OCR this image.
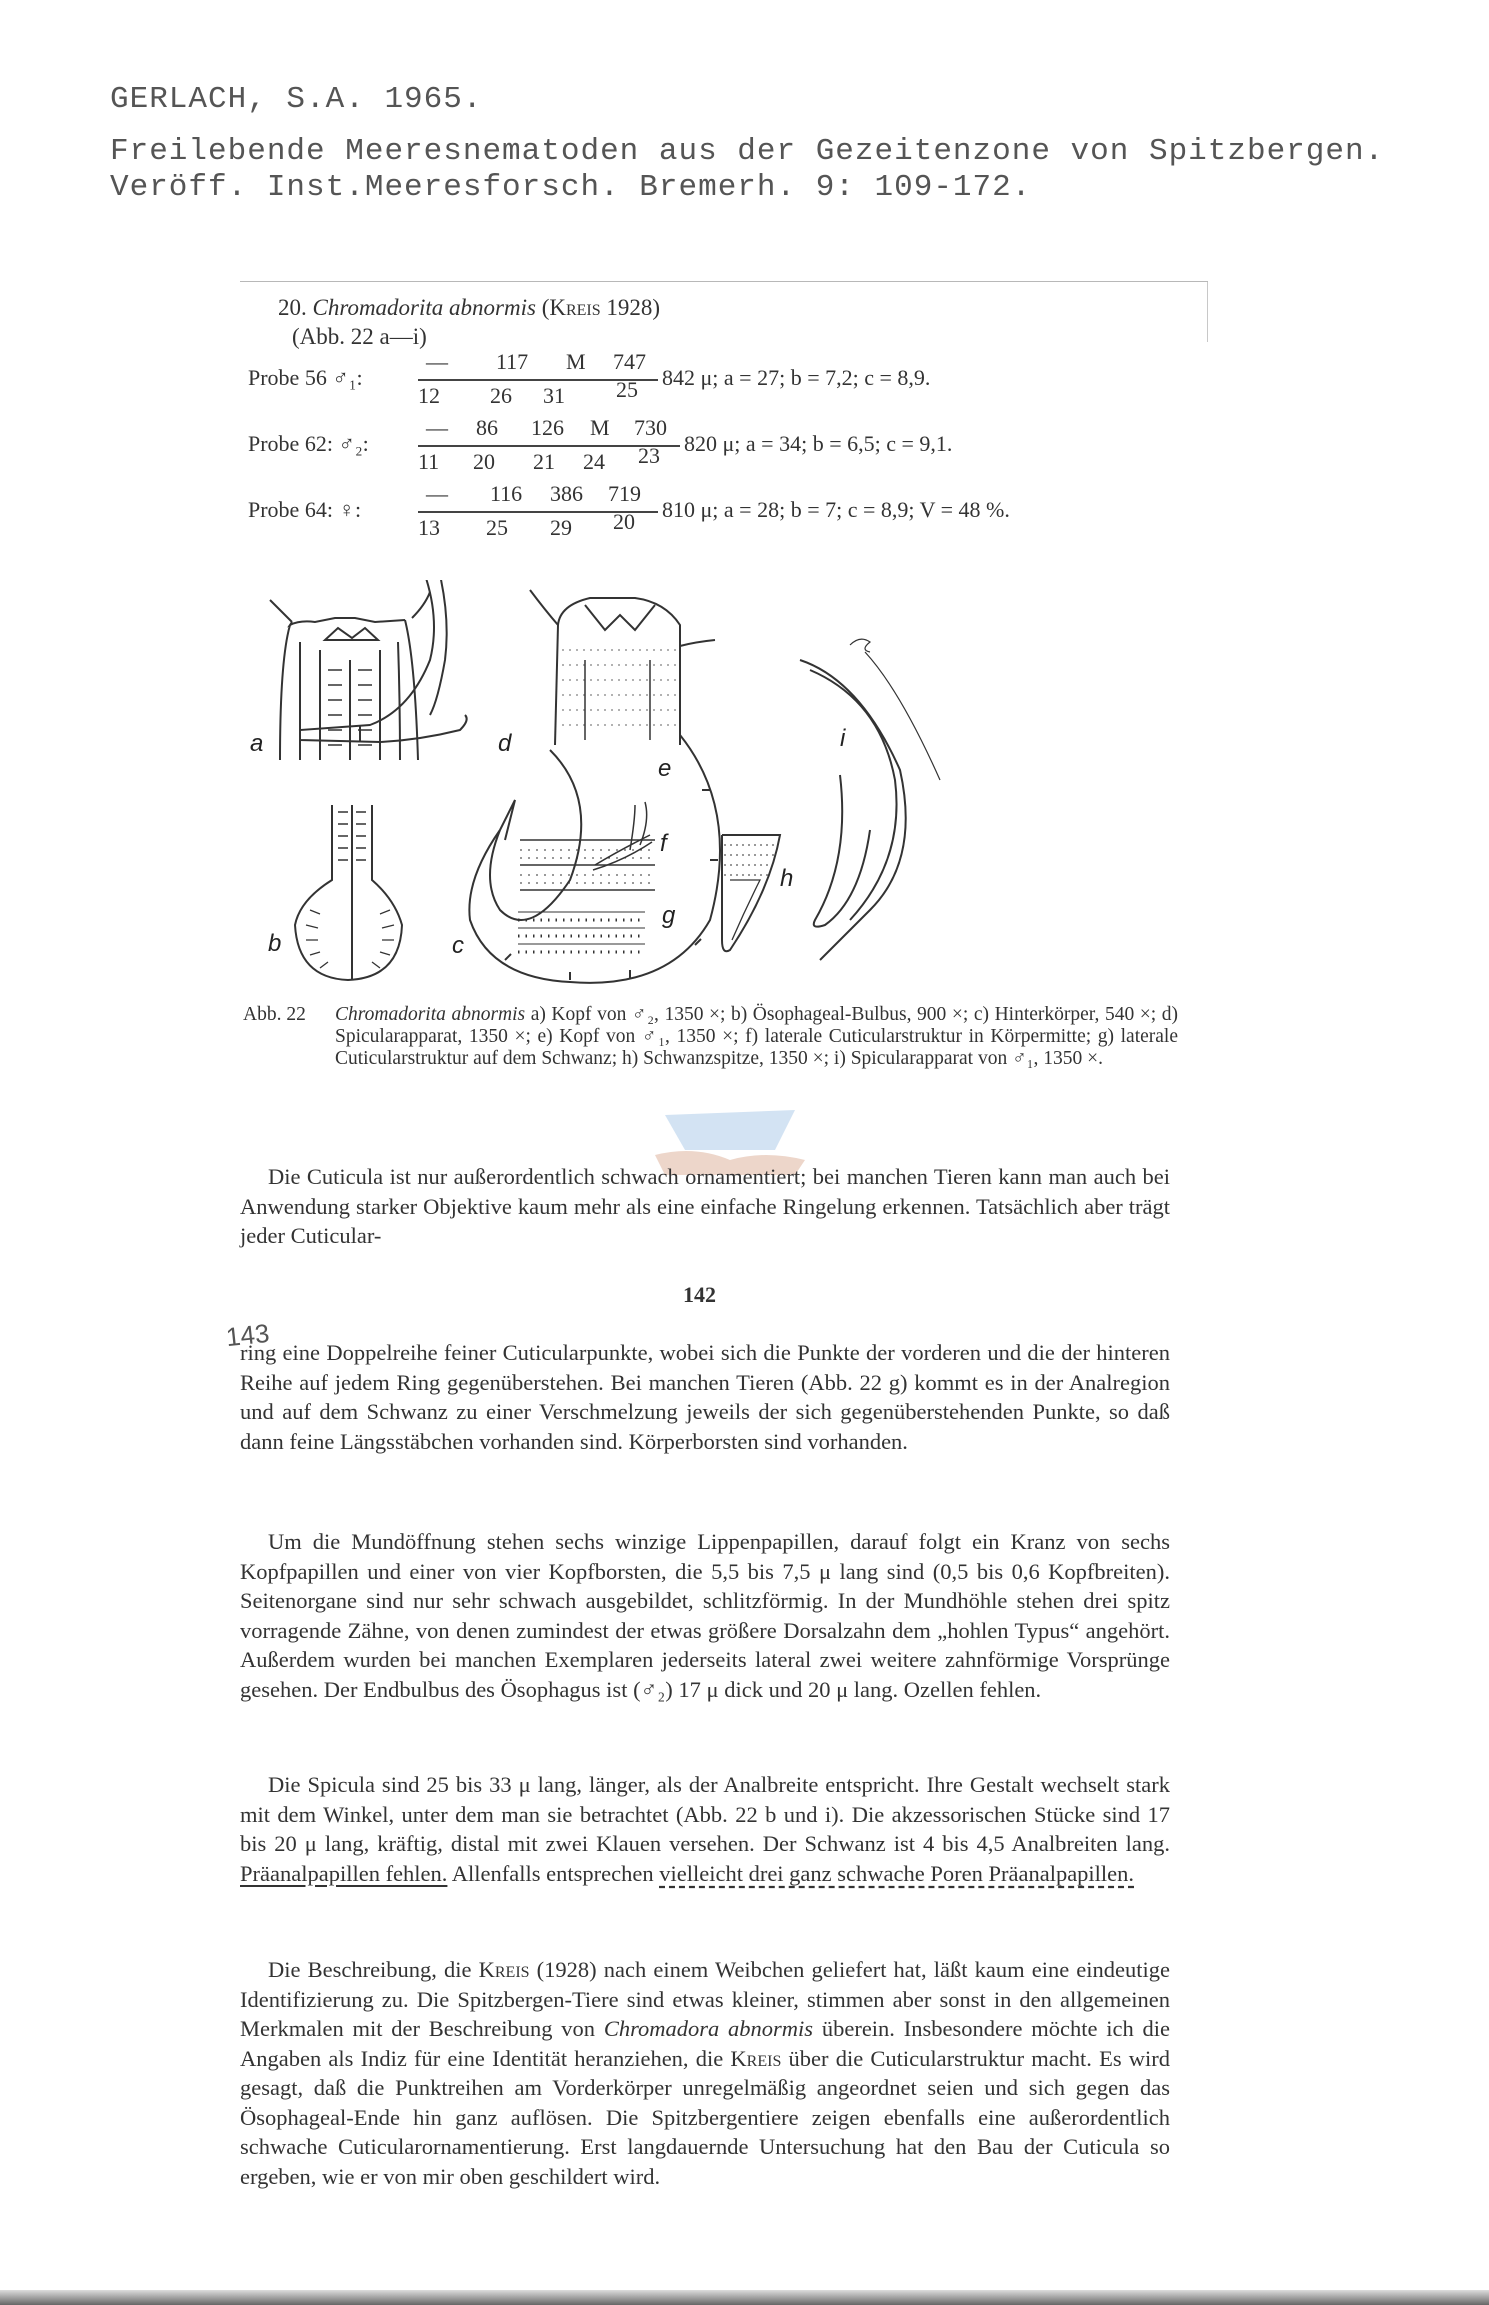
GERLACH, S.A. 1965.
Freilebende Meeresnematoden aus der Gezeitenzone von Spitzbergen.
Veröff. Inst.Meeresforsch. Bremerh. 9: 109-172.
20. Chromadorita abnormis (Kreis 1928)
(Abb. 22 a—i)
Probe 56 ♂₁:
— 117 M 747
12 26 31 25 842 μ; a = 27; b = 7,2; c = 8,9.
Probe 62: ♂₂:
— 86 126 M 730
11 20 21 24 23 820 μ; a = 34; b = 6,5; c = 9,1.
Probe 64: ♀:
— 116 386 719
13 25 29 20 810 μ; a = 28; b = 7; c = 8,9; V = 48 %.
a
b	c
d
e
f
g
h
i
Abb. 22 Chromadorita abnormis a) Kopf von ♂₂, 1350 ×; b) Ösophageal-Bulbus, 900 ×; c) Hinterkörper, 540 ×; d) Spicularapparat, 1350 ×; e) Kopf von ♂₁, 1350 ×; f) laterale Cuticularstruktur in Körpermitte; g) laterale Cuticularstruktur auf dem Schwanz; h) Schwanzspitze, 1350 ×; i) Spicularapparat von ♂₁, 1350 ×.
Die Cuticula ist nur außerordentlich schwach ornamentiert; bei manchen Tieren kann man auch bei Anwendung starker Objektive kaum mehr als eine einfache Ringelung erkennen. Tatsächlich aber trägt jeder Cuticular-
142
143
ring eine Doppelreihe feiner Cuticularpunkte, wobei sich die Punkte der vorderen und die der hinteren Reihe auf jedem Ring gegenüberstehen. Bei manchen Tieren (Abb. 22 g) kommt es in der Analregion und auf dem Schwanz zu einer Verschmelzung jeweils der sich gegenüberstehenden Punkte, so daß dann feine Längsstäbchen vorhanden sind. Körperborsten sind vorhanden.
Um die Mundöffnung stehen sechs winzige Lippenpapillen, darauf folgt ein Kranz von sechs Kopfpapillen und einer von vier Kopfborsten, die 5,5 bis 7,5 μ lang sind (0,5 bis 0,6 Kopfbreiten). Seitenorgane sind nur sehr schwach ausgebildet, schlitzförmig. In der Mundhöhle stehen drei spitz vorragende Zähne, von denen zumindest der etwas größere Dorsalzahn dem „hohlen Typus“ angehört. Außerdem wurden bei manchen Exemplaren jederseits lateral zwei weitere zahnförmige Vorsprünge gesehen. Der Endbulbus des Ösophagus ist (♂₂) 17 μ dick und 20 μ lang. Ozellen fehlen.
Die Spicula sind 25 bis 33 μ lang, länger, als der Analbreite entspricht. Ihre Gestalt wechselt stark mit dem Winkel, unter dem man sie betrachtet (Abb. 22 b und i). Die akzessorischen Stücke sind 17 bis 20 μ lang, kräftig, distal mit zwei Klauen versehen. Der Schwanz ist 4 bis 4,5 Analbreiten lang. Präanalpapillen fehlen. Allenfalls entsprechen vielleicht drei ganz schwache Poren Präanalpapillen.
Die Beschreibung, die Kreis (1928) nach einem Weibchen geliefert hat, läßt kaum eine eindeutige Identifizierung zu. Die Spitzbergen-Tiere sind etwas kleiner, stimmen aber sonst in den allgemeinen Merkmalen mit der Beschreibung von Chromadora abnormis überein. Insbesondere möchte ich die Angaben als Indiz für eine Identität heranziehen, die Kreis über die Cuticularstruktur macht. Es wird gesagt, daß die Punktreihen am Vorderkörper unregelmäßig angeordnet seien und sich gegen das Ösophageal-Ende hin ganz auflösen. Die Spitzbergentiere zeigen ebenfalls eine außerordentlich schwache Cuticularornamentierung. Erst langdauernde Untersuchung hat den Bau der Cuticula so ergeben, wie er von mir oben geschildert wird.
